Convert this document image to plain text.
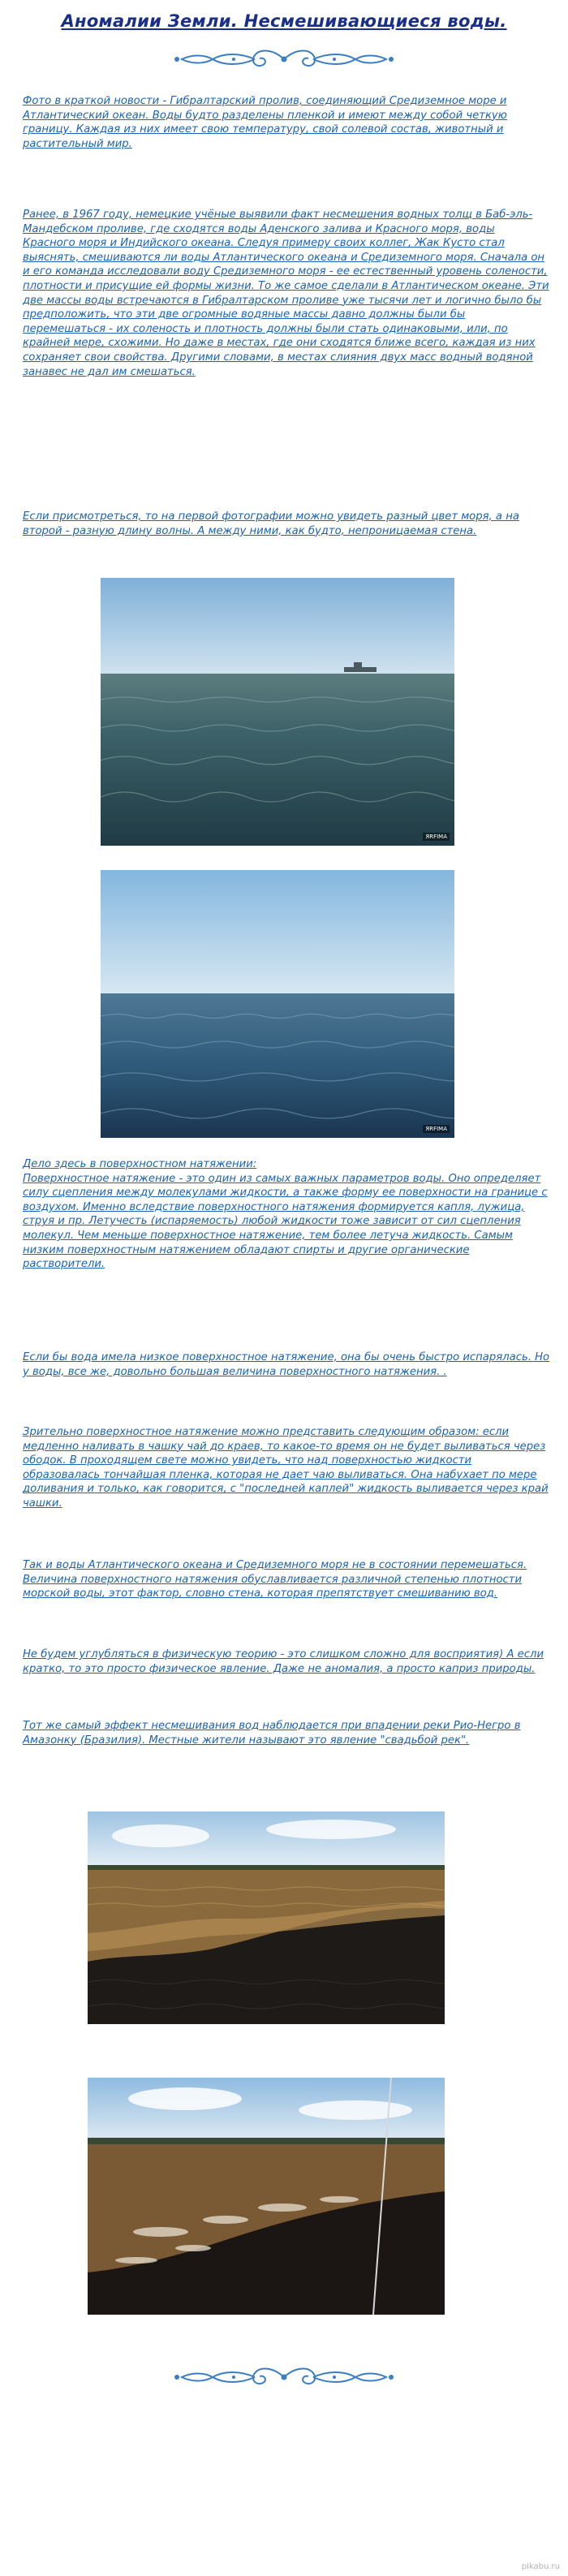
Аномалии Земли. Несмешивающиеся воды.

Фото в краткой новости - Гибралтарский пролив, соединяющий Средиземное море и Атлантический океан. Воды будто разделены пленкой и имеют между собой четкую границу. Каждая из них имеет свою температуру, свой солевой состав, животный и растительный мир.

Ранее, в 1967 году, немецкие учёные выявили факт несмешения водных толщ в Баб-эль-Мандебском проливе, где сходятся воды Аденского залива и Красного моря, воды Красного моря и Индийского океана. Следуя примеру своих коллег, Жак Кусто стал выяснять, смешиваются ли воды Атлантического океана и Средиземного моря. Сначала он и его команда исследовали воду Средиземного моря - ее естественный уровень солености, плотности и присущие ей формы жизни. То же самое сделали в Атлантическом океане. Эти две массы воды встречаются в Гибралтарском проливе уже тысячи лет и логично было бы предположить, что эти две огромные водяные массы давно должны были бы перемешаться - их соленость и плотность должны были стать одинаковыми, или, по крайней мере, схожими. Но даже в местах, где они сходятся ближе всего, каждая из них сохраняет свои свойства. Другими словами, в местах слияния двух масс водный водяной занавес не дал им смешаться.

Если присмотреться, то на первой фотографии можно увидеть разный цвет моря, а на второй - разную длину волны. А между ними, как будто, непроницаемая стена.

ЯRFIMA
ЯRFIMA

Дело здесь в поверхностном натяжении:
Поверхностное натяжение - это один из самых важных параметров воды. Оно определяет силу сцепления между молекулами жидкости, а также форму ее поверхности на границе с воздухом. Именно вследствие поверхностного натяжения формируется капля, лужица, струя и пр. Летучесть (испаряемость) любой жидкости тоже зависит от сил сцепления молекул. Чем меньше поверхностное натяжение, тем более летуча жидкость. Самым низким поверхностным натяжением обладают спирты и другие органические растворители.

Если бы вода имела низкое поверхностное натяжение, она бы очень быстро испарялась. Но у воды, все же, довольно большая величина поверхностного натяжения. .

Зрительно поверхностное натяжение можно представить следующим образом: если медленно наливать в чашку чай до краев, то какое-то время он не будет выливаться через ободок. В проходящем свете можно увидеть, что над поверхностью жидкости образовалась тончайшая пленка, которая не дает чаю выливаться. Она набухает по мере доливания и только, как говорится, с "последней каплей" жидкость выливается через край чашки.

Так и воды Атлантического океана и Средиземного моря не в состоянии перемешаться. Величина поверхностного натяжения обуславливается различной степенью плотности морской воды, этот фактор, словно стена, которая препятствует смешиванию вод.

Не будем углубляться в физическую теорию - это слишком сложно для восприятия) А если кратко, то это просто физическое явление. Даже не аномалия, а просто каприз природы.

Тот же самый эффект несмешивания вод наблюдается при впадении реки Рио-Негро в Амазонку (Бразилия). Местные жители называют это явление "свадьбой рек".

pikabu.ru
